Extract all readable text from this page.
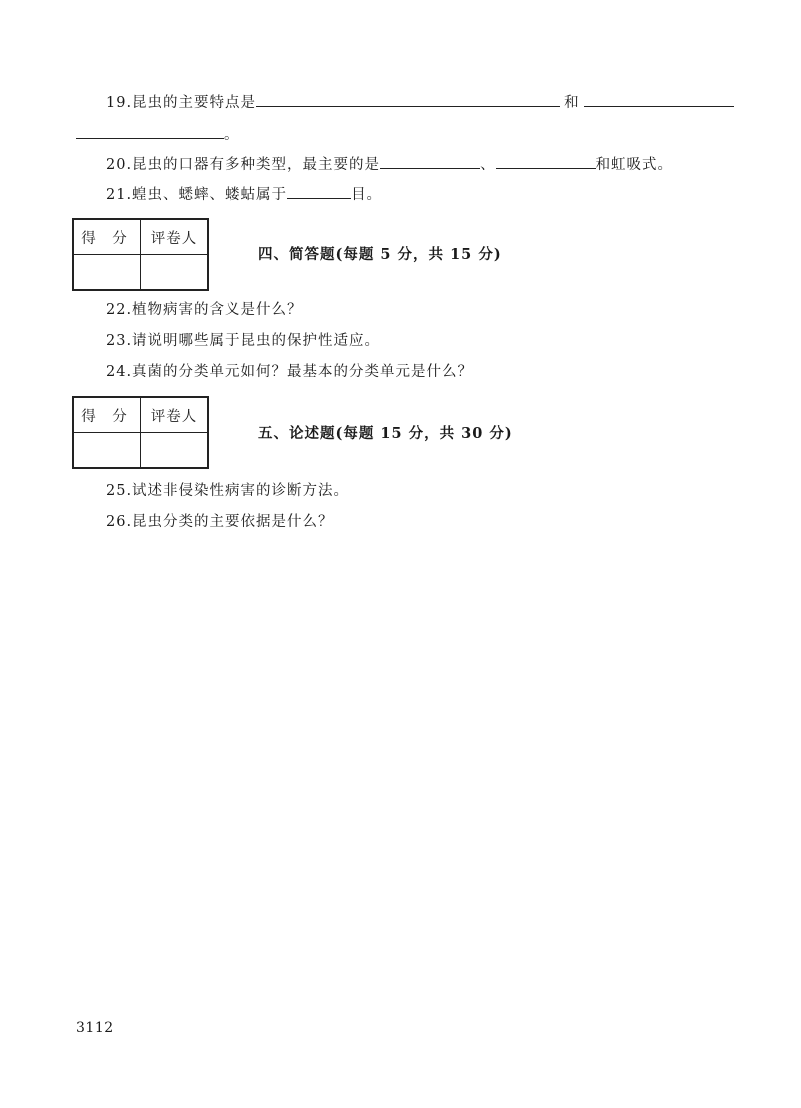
19.昆虫的主要特点是	和
。
20.昆虫的口器有多种类型，最主要的是	、	和虹吸式。
21.蝗虫、蟋蟀、蝼蛄属于	目。
得 分	评卷人

四、简答题(每题 5 分，共 15 分)
22.植物病害的含义是什么？
23.请说明哪些属于昆虫的保护性适应。
24.真菌的分类单元如何？最基本的分类单元是什么？
得 分	评卷人

五、论述题(每题 15 分，共 30 分)
25.试述非侵染性病害的诊断方法。
26.昆虫分类的主要依据是什么？
3112
